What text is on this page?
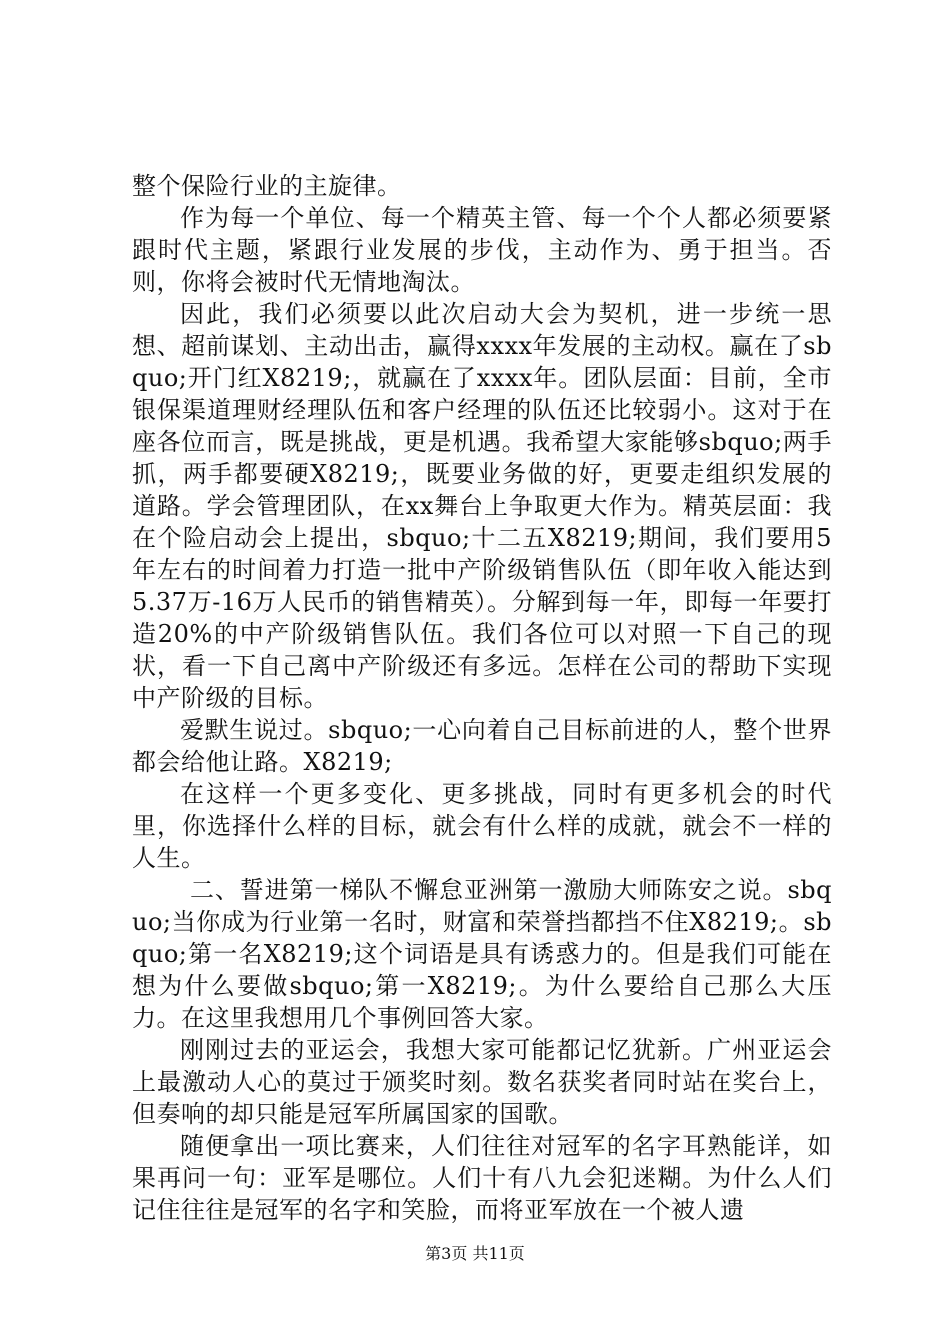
整个保险行业的主旋律。

作为每一个单位、每一个精英主管、每一个个人都必须要紧跟时代主题，紧跟行业发展的步伐，主动作为、勇于担当。否则，你将会被时代无情地淘汰。

因此，我们必须要以此次启动大会为契机，进一步统一思想、超前谋划、主动出击，赢得xxxx年发展的主动权。赢在了sbquo;开门红X8219;，就赢在了xxxx年。团队层面：目前，全市银保渠道理财经理队伍和客户经理的队伍还比较弱小。这对于在座各位而言，既是挑战，更是机遇。我希望大家能够sbquo;两手抓，两手都要硬X8219;，既要业务做的好，更要走组织发展的道路。学会管理团队，在xx舞台上争取更大作为。精英层面：我在个险启动会上提出，sbquo;十二五X8219;期间，我们要用5年左右的时间着力打造一批中产阶级销售队伍（即年收入能达到5.37万-16万人民币的销售精英）。分解到每一年，即每一年要打造20%的中产阶级销售队伍。我们各位可以对照一下自己的现状，看一下自己离中产阶级还有多远。怎样在公司的帮助下实现中产阶级的目标。

爱默生说过。sbquo;一心向着自己目标前进的人，整个世界都会给他让路。X8219;

在这样一个更多变化、更多挑战，同时有更多机会的时代里，你选择什么样的目标，就会有什么样的成就，就会不一样的人生。

二、誓进第一梯队不懈怠亚洲第一激励大师陈安之说。sbquo;当你成为行业第一名时，财富和荣誉挡都挡不住X8219;。sbquo;第一名X8219;这个词语是具有诱惑力的。但是我们可能在想为什么要做sbquo;第一X8219;。为什么要给自己那么大压力。在这里我想用几个事例回答大家。

刚刚过去的亚运会，我想大家可能都记忆犹新。广州亚运会上最激动人心的莫过于颁奖时刻。数名获奖者同时站在奖台上，但奏响的却只能是冠军所属国家的国歌。

随便拿出一项比赛来，人们往往对冠军的名字耳熟能详，如果再问一句：亚军是哪位。人们十有八九会犯迷糊。为什么人们记住往往是冠军的名字和笑脸，而将亚军放在一个被人遗

第3页 共11页
